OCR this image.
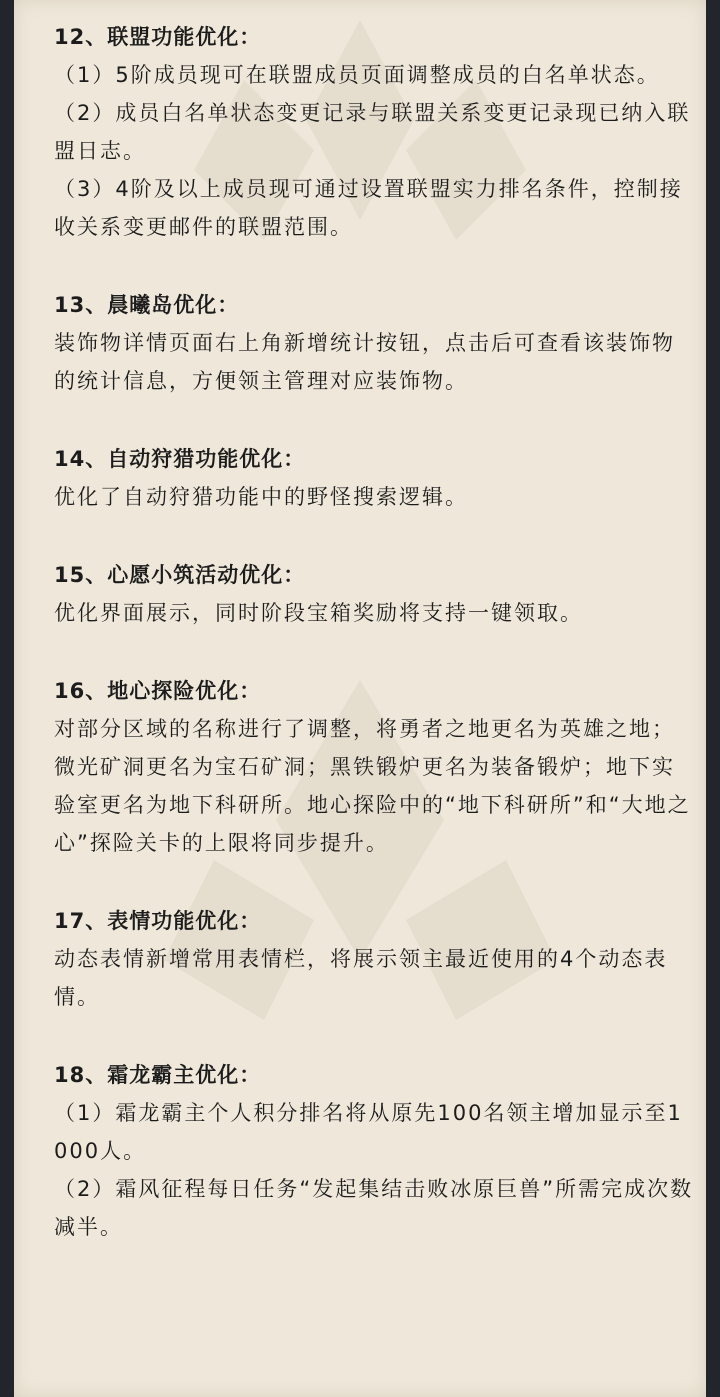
12、联盟功能优化：
（1）5阶成员现可在联盟成员页面调整成员的白名单状态。
（2）成员白名单状态变更记录与联盟关系变更记录现已纳入联盟日志。
（3）4阶及以上成员现可通过设置联盟实力排名条件，控制接收关系变更邮件的联盟范围。
13、晨曦岛优化：
装饰物详情页面右上角新增统计按钮，点击后可查看该装饰物的统计信息，方便领主管理对应装饰物。
14、自动狩猎功能优化：
优化了自动狩猎功能中的野怪搜索逻辑。
15、心愿小筑活动优化：
优化界面展示，同时阶段宝箱奖励将支持一键领取。
16、地心探险优化：
对部分区域的名称进行了调整，将勇者之地更名为英雄之地；微光矿洞更名为宝石矿洞；黑铁锻炉更名为装备锻炉；地下实验室更名为地下科研所。地心探险中的“地下科研所”和“大地之心”探险关卡的上限将同步提升。
17、表情功能优化：
动态表情新增常用表情栏，将展示领主最近使用的4个动态表情。
18、霜龙霸主优化：
（1）霜龙霸主个人积分排名将从原先100名领主增加显示至1000人。
（2）霜风征程每日任务“发起集结击败冰原巨兽”所需完成次数减半。
